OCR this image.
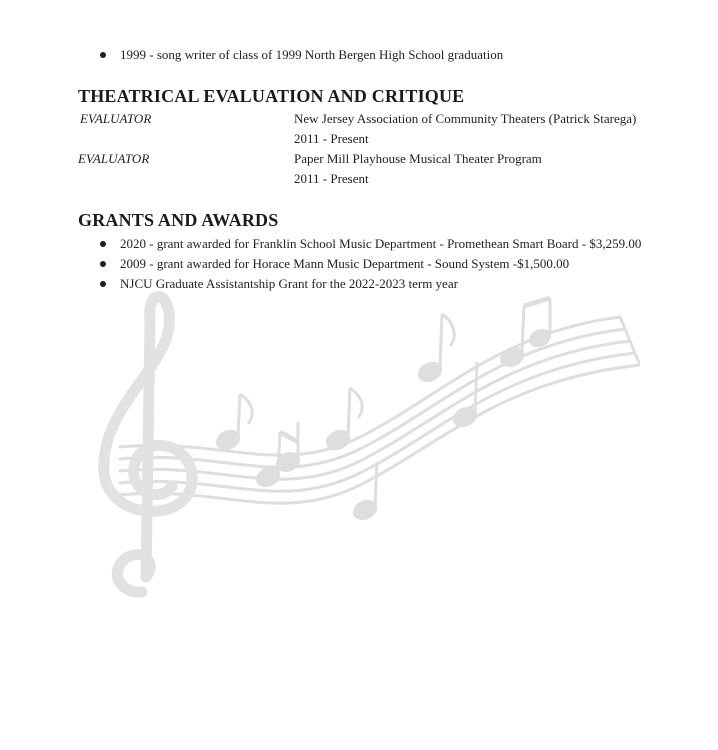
1999 - song writer of class of 1999 North Bergen High School graduation
THEATRICAL EVALUATION AND CRITIQUE
EVALUATOR	New Jersey Association of Community Theaters (Patrick Starega)
2011 - Present
EVALUATOR	Paper Mill Playhouse Musical Theater Program
2011 - Present
GRANTS AND AWARDS
2020 - grant awarded for Franklin School Music Department - Promethean Smart Board - $3,259.00
2009 - grant awarded for Horace Mann Music Department - Sound System -$1,500.00
NJCU Graduate Assistantship Grant for the 2022-2023 term year
